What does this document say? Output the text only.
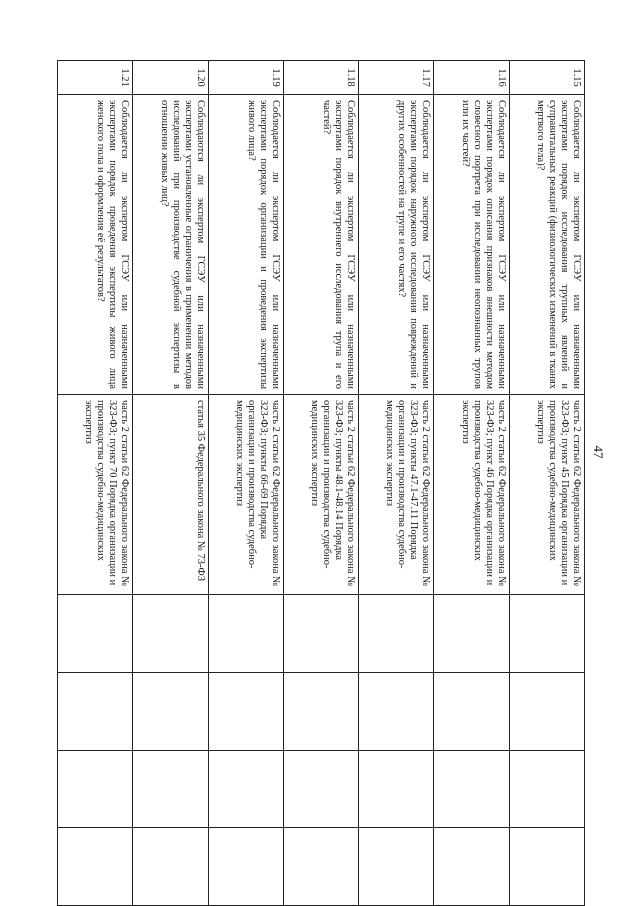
47
1.15	Соблюдается ли экспертом ГСЭУ или назначенными экспертами порядок исследования трупных явлений и суправитальных реакций (физиологических изменений в тканях мертвого тела)?	часть 2 статьи 62 Федерального закона № 323-ФЗ; пункт 45 Порядка организации и производства судебно-медицинских экспертиз				
1.16	Соблюдается ли экспертом ГСЭУ или назначенными экспертами порядок описания признаков внешности методом словесного портрета при исследовании неопознанных трупов или их частей?	часть 2 статьи 62 Федерального закона № 323-ФЗ; пункт 46 Порядка организации и производства судебно-медицинских экспертиз				
1.17	Соблюдается ли экспертом ГСЭУ или назначенными экспертами порядок наружного исследования повреждений и других особенностей на трупе и его частях?	часть 2 статьи 62 Федерального закона № 323-ФЗ; пункты 47.1-47.11 Порядка организации и производства судебно-медицинских экспертиз				
1.18	Соблюдается ли экспертом ГСЭУ или назначенными экспертами порядок внутреннего исследования трупа и его частей?	часть 2 статьи 62 Федерального закона № 323-ФЗ; пункты 48.1-48.14 Порядка организации и производства судебно-медицинских экспертиз				
1.19	Соблюдается ли экспертом ГСЭУ или назначенными экспертами порядок организации и проведения экспертизы живого лица?	часть 2 статьи 62 Федерального закона № 323-ФЗ; пункты 66-69 Порядка организации и производства судебно-медицинских экспертиз				
1.20	Соблюдаются ли экспертом ГСЭУ или назначенными экспертами установленные ограничения в применении методов исследований при производстве судебной экспертизы в отношении живых лиц?	статья 35 Федерального закона № 73-ФЗ				
1.21	Соблюдается ли экспертом ГСЭУ или назначенными экспертами порядок проведения экспертизы живого лица женского пола и оформления её результатов?	часть 2 статьи 62 Федерального закона № 323-ФЗ; пункт 70 Порядка организации и производства судебно-медицинских экспертиз				
